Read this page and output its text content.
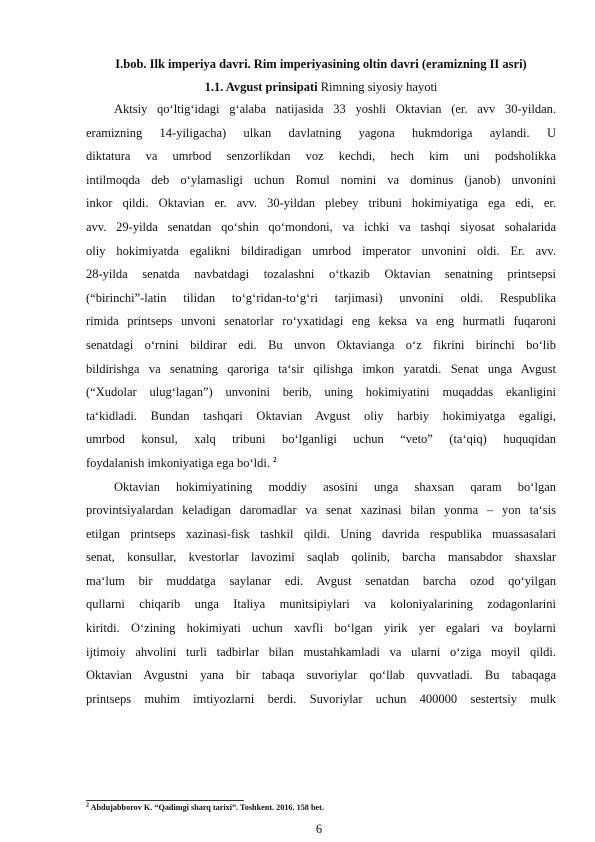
I.bob. Ilk imperiya davri. Rim imperiyasining oltin davri (eramizning II asri)
1.1. Avgust prinsipati Rimning siyosiy hayoti
Aktsiy qoʻltigʻidagi gʻalaba natijasida 33 yoshli Oktavian (er. avv 30-yildan.
eramizning 14-yiligacha) ulkan davlatning yagona hukmdoriga aylandi. U
diktatura va umrbod senzorlikdan voz kechdi, hech kim uni podsholikka
intilmoqda deb oʻylamasligi uchun Romul nomini va dominus (janob) unvonini
inkor qildi. Oktavian er. avv. 30-yildan plebey tribuni hokimiyatiga ega edi, er.
avv. 29-yilda senatdan qoʻshin qoʻmondoni, va ichki va tashqi siyosat sohalarida
oliy hokimiyatda egalikni bildiradigan umrbod imperator unvonini oldi. Er. avv.
28-yilda senatda navbatdagi tozalashni oʻtkazib Oktavian senatning printsepsi
(“birinchi”-latin tilidan toʻgʻridan-toʻgʻri tarjimasi) unvonini oldi. Respublika
rimida printseps unvoni senatorlar roʻyxatidagi eng keksa va eng hurmatli fuqaroni
senatdagi oʻrnini bildirar edi. Bu unvon Oktavianga oʻz fikrini birinchi boʻlib
bildirishga va senatning qaroriga taʻsir qilishga imkon yaratdi. Senat unga Avgust
(“Xudolar ulugʻlagan”) unvonini berib, uning hokimiyatini muqaddas ekanligini
taʻkidladi. Bundan tashqari Oktavian Avgust oliy harbiy hokimiyatga egaligi,
umrbod konsul, xalq tribuni boʻlganligi uchun “veto” (taʻqiq) huquqidan
foydalanish imkoniyatiga ega boʻldi. $^2$
Oktavian hokimiyatining moddiy asosini unga shaxsan qaram boʻlgan
provintsiyalardan keladigan daromadlar va senat xazinasi bilan yonma – yon taʻsis
etilgan printseps xazinasi-fisk tashkil qildi. Uning davrida respublika muassasalari
senat, konsullar, kvestorlar lavozimi saqlab qolinib, barcha mansabdor shaxslar
maʻlum bir muddatga saylanar edi. Avgust senatdan barcha ozod qoʻyilgan
qullarni chiqarib unga Italiya munitsipiylari va koloniyalarining zodagonlarini
kiritdi. Oʻzining hokimiyati uchun xavfli boʻlgan yirik yer egalari va boylarni
ijtimoiy ahvolini turli tadbirlar bilan mustahkamladi va ularni oʻziga moyil qildi.
Oktavian Avgustni yana bir tabaqa suvoriylar qoʻllab quvvatladi. Bu tabaqaga
printseps muhim imtiyozlarni berdi. Suvoriylar uchun 400000 sestertsiy mulk
$^2$ Abdujabborov K. “Qadimgi sharq tarixi”. Toshkent. 2016. 158 bet.
6
